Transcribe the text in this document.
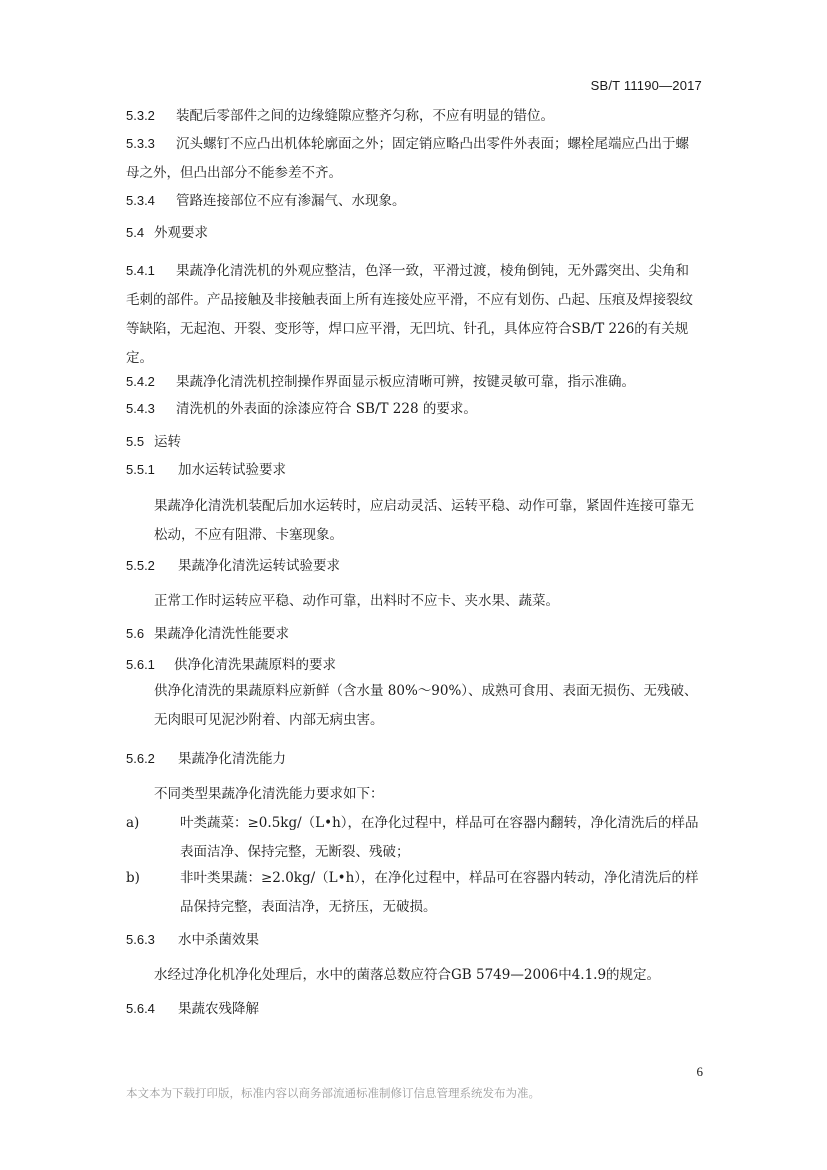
SB/T 11190—2017
5.3.2 装配后零部件之间的边缘缝隙应整齐匀称，不应有明显的错位。
5.3.3 沉头螺钉不应凸出机体轮廓面之外；固定销应略凸出零件外表面；螺栓尾端应凸出于螺母之外，但凸出部分不能参差不齐。
5.3.4 管路连接部位不应有渗漏气、水现象。
5.4 外观要求
5.4.1 果蔬净化清洗机的外观应整洁，色泽一致，平滑过渡，棱角倒钝，无外露突出、尖角和毛刺的部件。产品接触及非接触表面上所有连接处应平滑，不应有划伤、凸起、压痕及焊接裂纹等缺陷，无起泡、开裂、变形等，焊口应平滑，无凹坑、针孔，具体应符合SB/T 226的有关规定。
5.4.2 果蔬净化清洗机控制操作界面显示板应清晰可辨，按键灵敏可靠，指示准确。
5.4.3 清洗机的外表面的涂漆应符合 SB/T 228 的要求。
5.5 运转
5.5.1 加水运转试验要求
果蔬净化清洗机装配后加水运转时，应启动灵活、运转平稳、动作可靠，紧固件连接可靠无松动，不应有阻滞、卡塞现象。
5.5.2 果蔬净化清洗运转试验要求
正常工作时运转应平稳、动作可靠，出料时不应卡、夹水果、蔬菜。
5.6 果蔬净化清洗性能要求
5.6.1 供净化清洗果蔬原料的要求
供净化清洗的果蔬原料应新鲜（含水量 80%～90%）、成熟可食用、表面无损伤、无残破、无肉眼可见泥沙附着、内部无病虫害。
5.6.2 果蔬净化清洗能力
不同类型果蔬净化清洗能力要求如下：
a)	叶类蔬菜：≥0.5kg/（L•h），在净化过程中，样品可在容器内翻转，净化清洗后的样品表面洁净、保持完整，无断裂、残破；
b)	非叶类果蔬：≥2.0kg/（L•h），在净化过程中，样品可在容器内转动，净化清洗后的样品保持完整，表面洁净，无挤压，无破损。
5.6.3 水中杀菌效果
水经过净化机净化处理后，水中的菌落总数应符合GB 5749—2006中4.1.9的规定。
5.6.4 果蔬农残降解
6
本文本为下载打印版，标准内容以商务部流通标准制修订信息管理系统发布为准。
